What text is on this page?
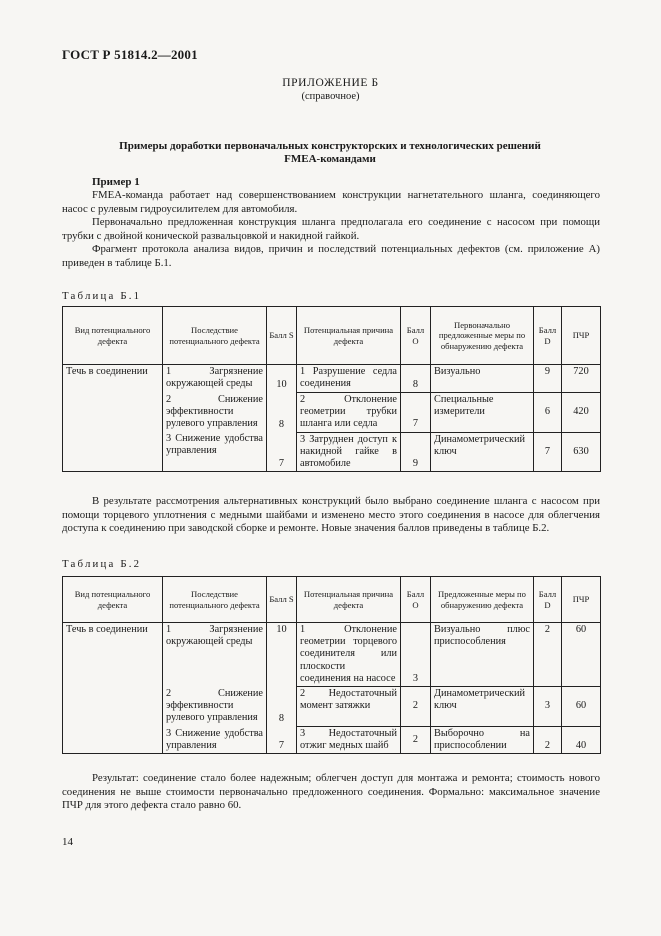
ГОСТ Р 51814.2—2001
ПРИЛОЖЕНИЕ Б
(справочное)
Примеры доработки первоначальных конструкторских и технологических решений FMEA-командами
Пример 1
FMEA-команда работает над совершенствованием конструкции нагнетательного шланга, соединяющего насос с рулевым гидроусилителем для автомобиля.
Первоначально предложенная конструкция шланга предполагала его соединение с насосом при помощи трубки с двойной конической развальцовкой и накидной гайкой.
Фрагмент протокола анализа видов, причин и последствий потенциальных дефектов (см. приложение А) приведен в таблице Б.1.
Таблица Б.1
Вид потенциального дефекта	Последствие потенциального дефекта	Балл S	Потенциальная причина дефекта	Балл O	Первоначально предложенные меры по обнаружению дефекта	Балл D	ПЧР
Течь в соединении	1 Загрязнение окружающей среды	10	1 Разрушение седла соединения	8	Визуально	9	720
	2 Снижение эффективности рулевого управления	8	2 Отклонение геометрии трубки шланга или седла	7	Специальные измерители	6	420
	3 Снижение удобства управления	7	3 Затруднен доступ к накидной гайке в автомобиле	9	Динамометрический ключ	7	630
В результате рассмотрения альтернативных конструкций было выбрано соединение шланга с насосом при помощи торцевого уплотнения с медными шайбами и изменено место этого соединения в насосе для облегчения доступа к соединению при заводской сборке и ремонте. Новые значения баллов приведены в таблице Б.2.
Таблица Б.2
Вид потенциального дефекта	Последствие потенциального дефекта	Балл S	Потенциальная причина дефекта	Балл O	Предложенные меры по обнаружению дефекта	Балл D	ПЧР
Течь в соединении	1 Загрязнение окружающей среды	10	1 Отклонение геометрии торцевого соединителя или плоскости соединения на насосе	3	Визуально плюс приспособления	2	60
	2 Снижение эффективности рулевого управления	8	2 Недостаточный момент затяжки	2	Динамометрический ключ	3	60
	3 Снижение удобства управления	7	3 Недостаточный отжиг медных шайб	2	Выборочно на приспособлении	2	40
Результат: соединение стало более надежным; облегчен доступ для монтажа и ремонта; стоимость нового соединения не выше стоимости первоначально предложенного соединения. Формально: максимальное значение ПЧР для этого дефекта стало равно 60.
14
